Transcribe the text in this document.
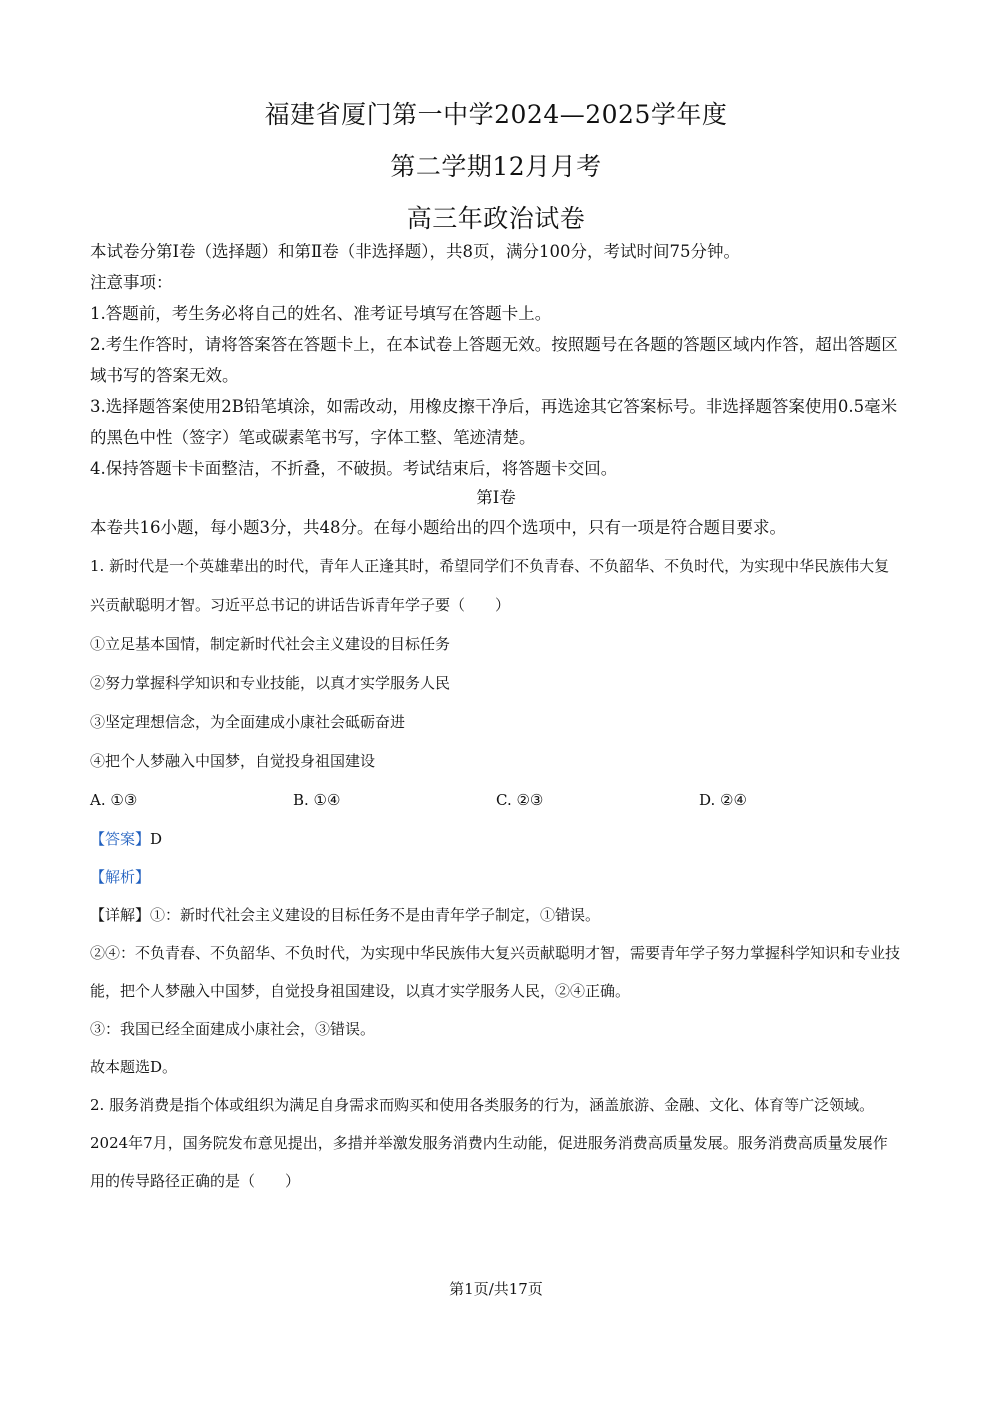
福建省厦门第一中学2024—2025学年度

第二学期12月月考

高三年政治试卷

本试卷分第Ⅰ卷（选择题）和第Ⅱ卷（非选择题），共8页，满分100分，考试时间75分钟。

注意事项：

1.答题前，考生务必将自己的姓名、准考证号填写在答题卡上。

2.考生作答时，请将答案答在答题卡上，在本试卷上答题无效。按照题号在各题的答题区域内作答，超出答题区域书写的答案无效。

3.选择题答案使用2B铅笔填涂，如需改动，用橡皮擦干净后，再选途其它答案标号。非选择题答案使用0.5毫米的黑色中性（签字）笔或碳素笔书写，字体工整、笔迹清楚。

4.保持答题卡卡面整洁，不折叠，不破损。考试结束后，将答题卡交回。

第Ⅰ卷

本卷共16小题，每小题3分，共48分。在每小题给出的四个选项中，只有一项是符合题目要求。

1. 新时代是一个英雄辈出的时代，青年人正逢其时，希望同学们不负青春、不负韶华、不负时代，为实现中华民族伟大复兴贡献聪明才智。习近平总书记的讲话告诉青年学子要（　　）

①立足基本国情，制定新时代社会主义建设的目标任务

②努力掌握科学知识和专业技能，以真才实学服务人民

③坚定理想信念，为全面建成小康社会砥砺奋进

④把个人梦融入中国梦，自觉投身祖国建设

A. ①③	B. ①④	C. ②③	D. ②④

【答案】D

【解析】

【详解】①：新时代社会主义建设的目标任务不是由青年学子制定，①错误。

②④：不负青春、不负韶华、不负时代，为实现中华民族伟大复兴贡献聪明才智，需要青年学子努力掌握科学知识和专业技能，把个人梦融入中国梦，自觉投身祖国建设，以真才实学服务人民，②④正确。

③：我国已经全面建成小康社会，③错误。

故本题选D。

2. 服务消费是指个体或组织为满足自身需求而购买和使用各类服务的行为，涵盖旅游、金融、文化、体育等广泛领域。2024年7月，国务院发布意见提出，多措并举激发服务消费内生动能，促进服务消费高质量发展。服务消费高质量发展作用的传导路径正确的是（　　）

第1页/共17页
